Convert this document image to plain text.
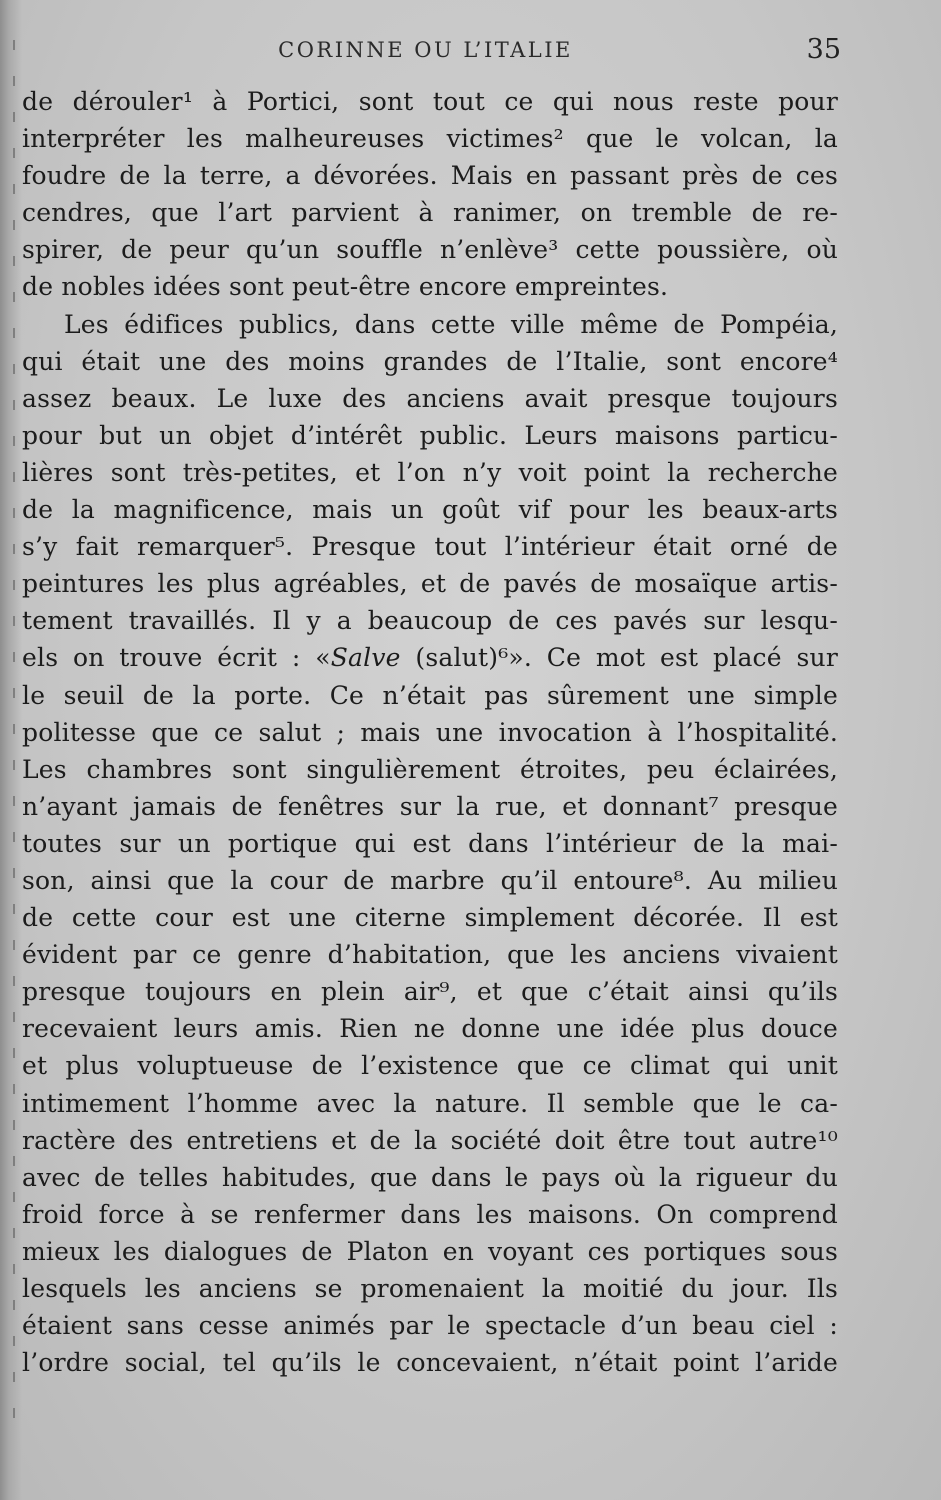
CORINNE OU L’ITALIE	35
de dérouler¹ à Portici, sont tout ce qui nous reste pour
interpréter les malheureuses victimes² que le volcan, la
foudre de la terre, a dévorées. Mais en passant près de ces
cendres, que l’art parvient à ranimer, on tremble de re-
spirer, de peur qu’un souffle n’enlève³ cette poussière, où
de nobles idées sont peut-être encore empreintes.
Les édifices publics, dans cette ville même de Pompéia,
qui était une des moins grandes de l’Italie, sont encore⁴
assez beaux. Le luxe des anciens avait presque toujours
pour but un objet d’intérêt public. Leurs maisons particu-
lières sont très-petites, et l’on n’y voit point la recherche
de la magnificence, mais un goût vif pour les beaux-arts
s’y fait remarquer⁵. Presque tout l’intérieur était orné de
peintures les plus agréables, et de pavés de mosaïque artis-
tement travaillés. Il y a beaucoup de ces pavés sur lesqu-
els on trouve écrit : «Salve (salut)⁶». Ce mot est placé sur
le seuil de la porte. Ce n’était pas sûrement une simple
politesse que ce salut ; mais une invocation à l’hospitalité.
Les chambres sont singulièrement étroites, peu éclairées,
n’ayant jamais de fenêtres sur la rue, et donnant⁷ presque
toutes sur un portique qui est dans l’intérieur de la mai-
son, ainsi que la cour de marbre qu’il entoure⁸. Au milieu
de cette cour est une citerne simplement décorée. Il est
évident par ce genre d’habitation, que les anciens vivaient
presque toujours en plein air⁹, et que c’était ainsi qu’ils
recevaient leurs amis. Rien ne donne une idée plus douce
et plus voluptueuse de l’existence que ce climat qui unit
intimement l’homme avec la nature. Il semble que le ca-
ractère des entretiens et de la société doit être tout autre¹⁰
avec de telles habitudes, que dans le pays où la rigueur du
froid force à se renfermer dans les maisons. On comprend
mieux les dialogues de Platon en voyant ces portiques sous
lesquels les anciens se promenaient la moitié du jour. Ils
étaient sans cesse animés par le spectacle d’un beau ciel :
l’ordre social, tel qu’ils le concevaient, n’était point l’aride
